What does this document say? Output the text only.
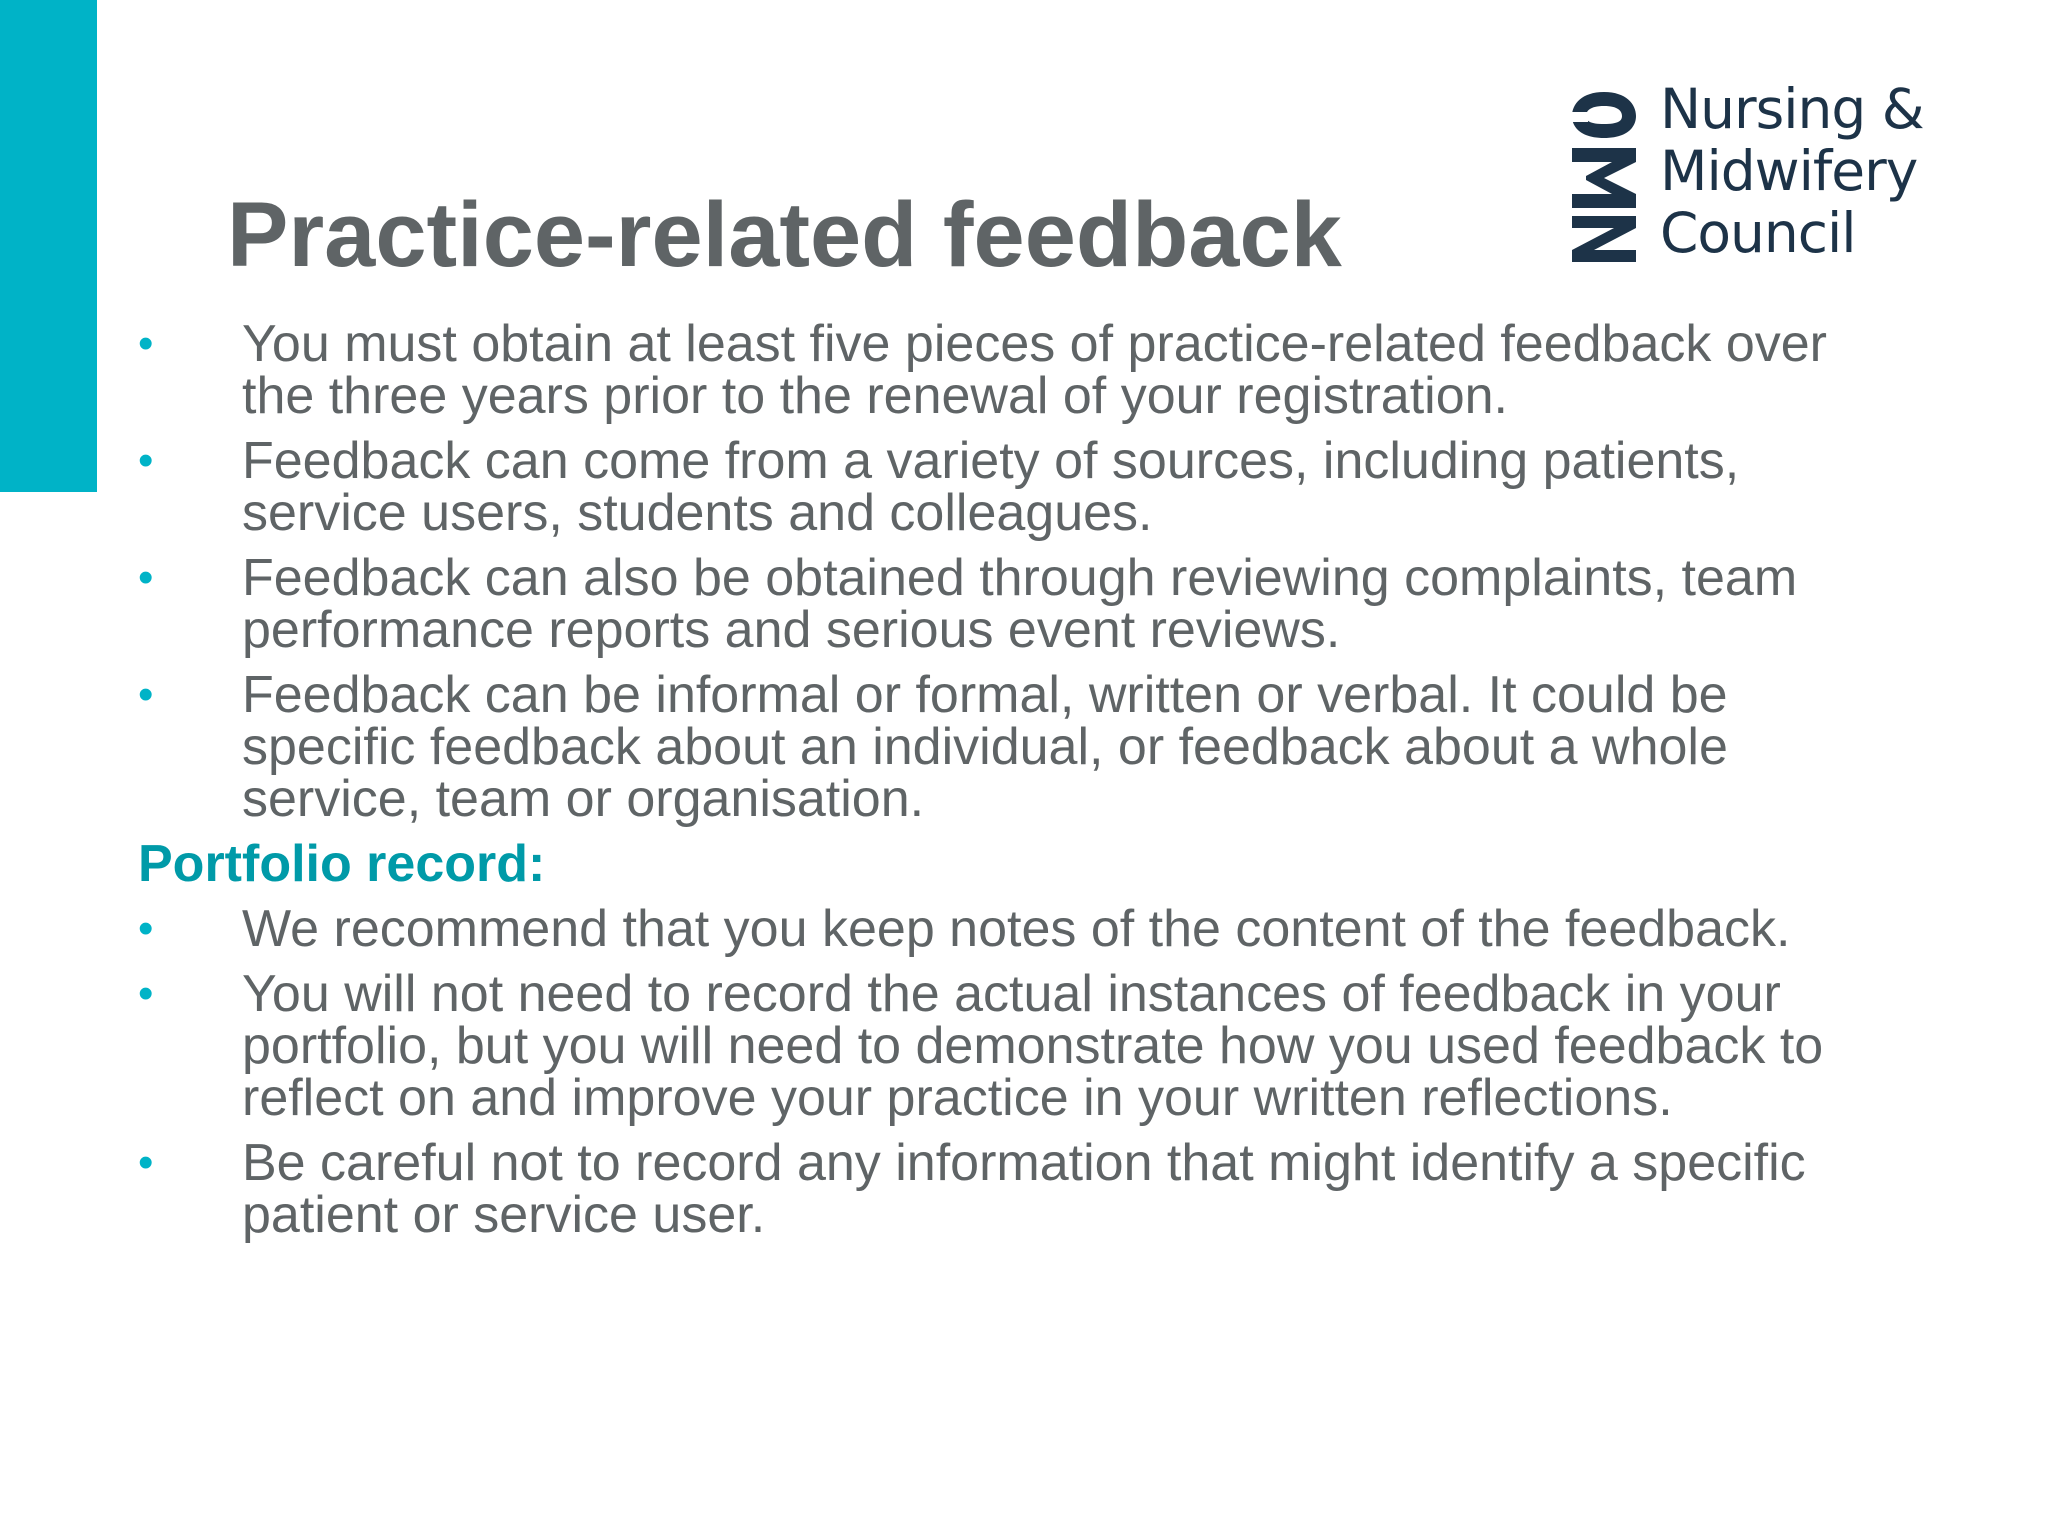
Nursing &
Midwifery
Council
Practice-related feedback
• You must obtain at least five pieces of practice-related feedback over the three years prior to the renewal of your registration.
• Feedback can come from a variety of sources, including patients, service users, students and colleagues.
• Feedback can also be obtained through reviewing complaints, team performance reports and serious event reviews.
• Feedback can be informal or formal, written or verbal. It could be specific feedback about an individual, or feedback about a whole service, team or organisation.
Portfolio record:
• We recommend that you keep notes of the content of the feedback.
• You will not need to record the actual instances of feedback in your portfolio, but you will need to demonstrate how you used feedback to reflect on and improve your practice in your written reflections.
• Be careful not to record any information that might identify a specific patient or service user.
